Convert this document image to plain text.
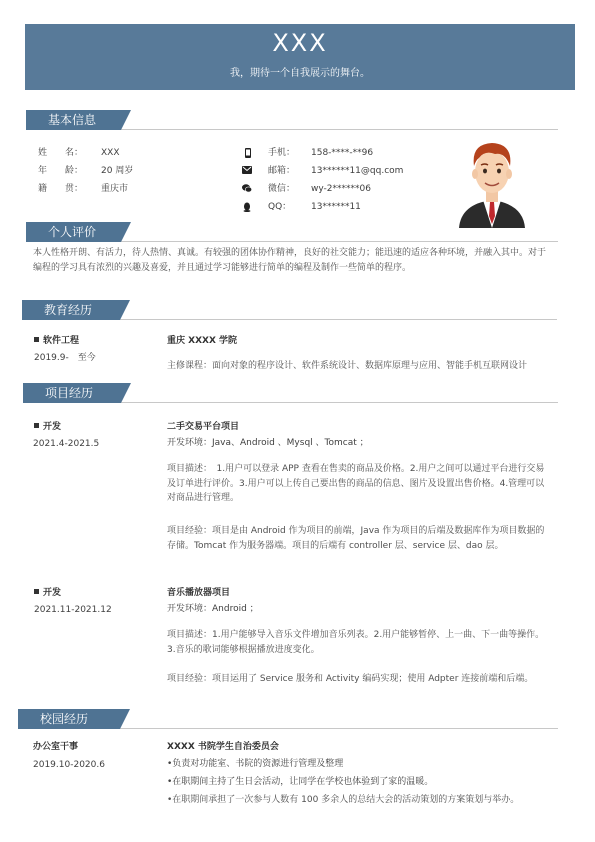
XXX
我，期待一个自我展示的舞台。
基本信息
姓　　名： XXX
年　　龄： 20 周岁
籍　　贯： 重庆市
手机： 158-****-**96
邮箱： 13******11@qq.com
微信： wy-2******06
QQ： 13******11
个人评价
本人性格开朗、有活力，待人热情、真诚。有较强的团体协作精神，良好的社交能力；能迅速的适应各种环境，并融入其中。对于编程的学习具有浓烈的兴趣及喜爱，并且通过学习能够进行简单的编程及制作一些简单的程序。
教育经历
软件工程
2019.9-　至今
重庆 XXXX 学院
主修课程：面向对象的程序设计、软件系统设计、数据库原理与应用、智能手机互联网设计
项目经历
开发
2021.4-2021.5
二手交易平台项目
开发环境：Java、Android 、Mysql 、Tomcat ；
项目描述：　1.用户可以登录 APP 查看在售卖的商品及价格。2.用户之间可以通过平台进行交易及订单进行评价。3.用户可以上传自己要出售的商品的信息、图片及设置出售价格。4.管理可以对商品进行管理。
项目经验：项目是由 Android 作为项目的前端，Java 作为项目的后端及数据库作为项目数据的存储。Tomcat 作为服务器端。项目的后端有 controller 层、service 层、dao 层。
开发
2021.11-2021.12
音乐播放器项目
开发环境：Android ；
项目描述：1.用户能够导入音乐文件增加音乐列表。2.用户能够暂停、上一曲、下一曲等操作。3.音乐的歌词能够根据播放进度变化。
项目经验：项目运用了 Service 服务和 Activity 编码实现；使用 Adpter 连接前端和后端。
校园经历
办公室干事
2019.10-2020.6
XXXX 书院学生自治委员会
•负责对功能室、书院的资源进行管理及整理
•在职期间主持了生日会活动，让同学在学校也体验到了家的温暖。
•在职期间承担了一次参与人数有 100 多余人的总结大会的活动策划的方案策划与举办。
